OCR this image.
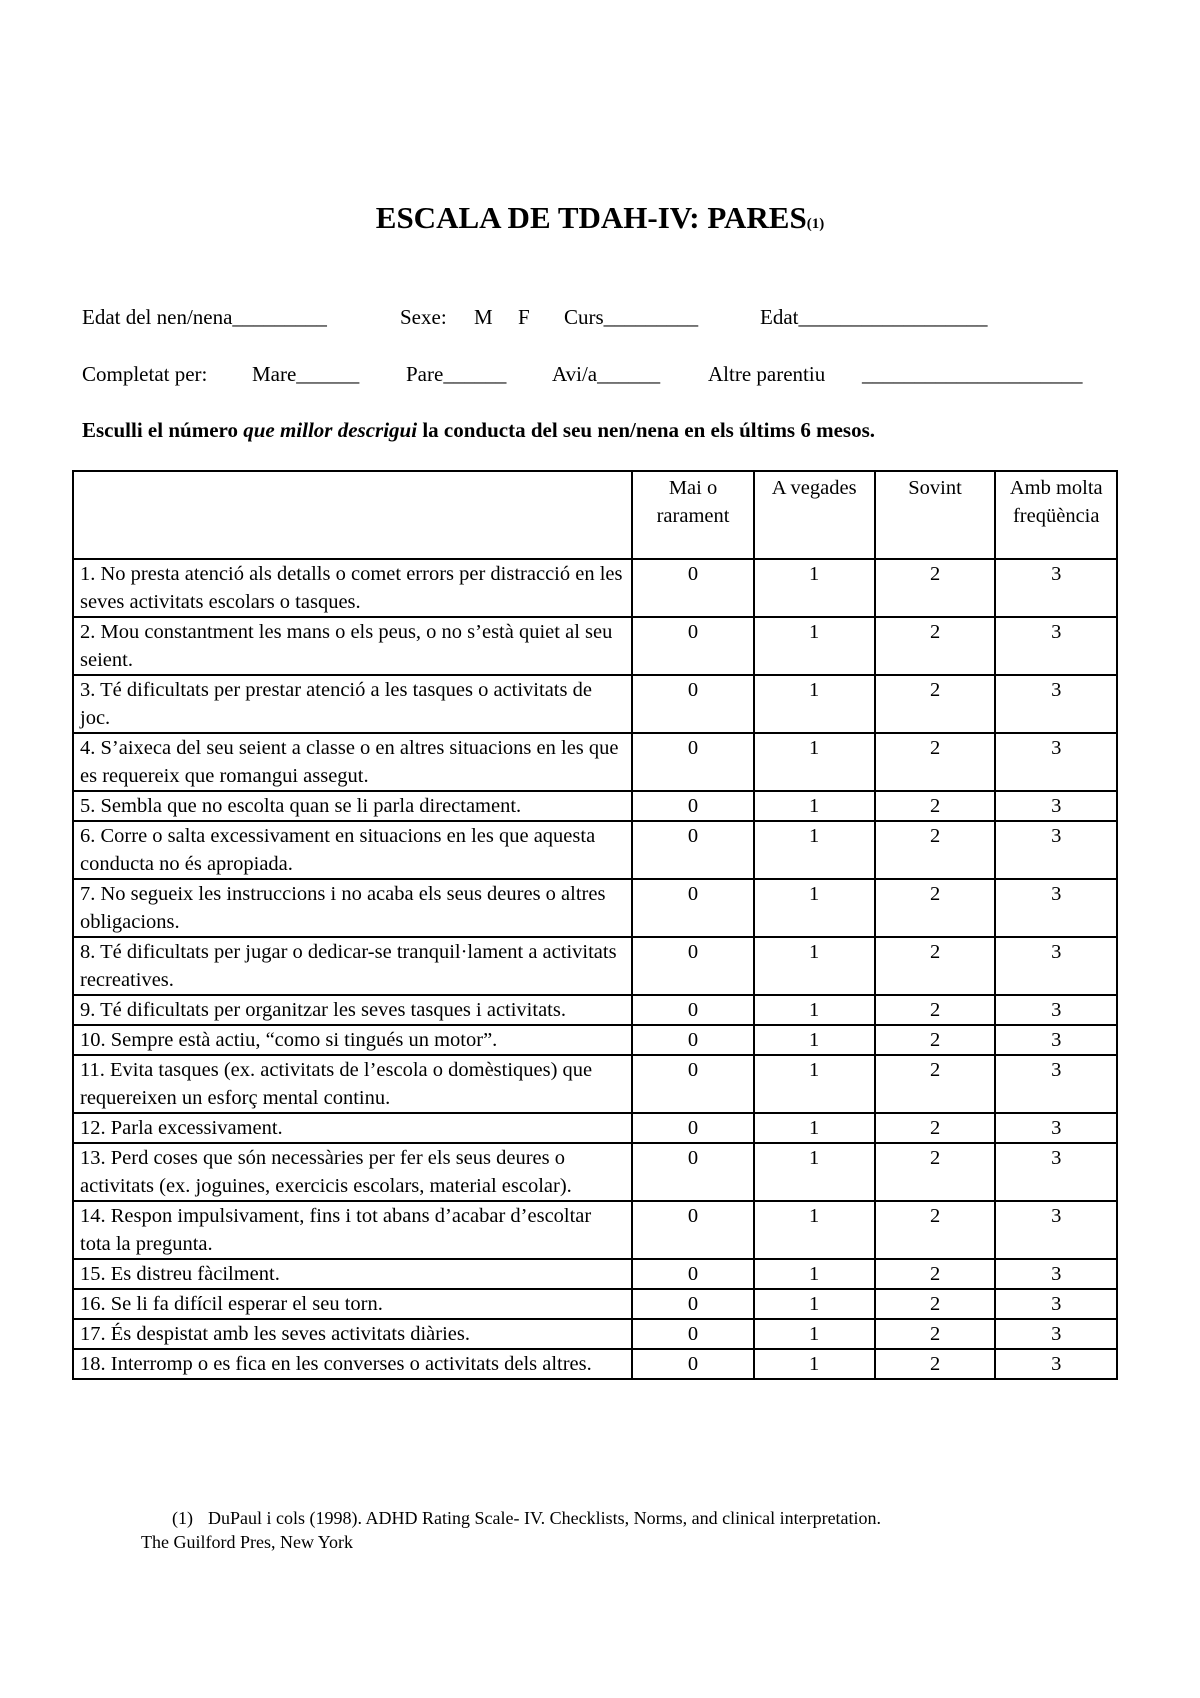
ESCALA DE TDAH-IV: PARES(1)
Edat del nen/nena_________	Sexe: M F Curs_________	Edat__________________
Completat per: Mare______ Pare______ Avi/a______ Altre parentiu _____________________
Esculli el número que millor descrigui la conducta del seu nen/nena en els últims 6 mesos.
	Mai o rarament	A vegades	Sovint	Amb molta freqüència
1. No presta atenció als detalls o comet errors per distracció en les seves activitats escolars o tasques.	0	1	2	3
2. Mou constantment les mans o els peus, o no s’està quiet al seu seient.	0	1	2	3
3. Té dificultats per prestar atenció a les tasques o activitats de joc.	0	1	2	3
4. S’aixeca del seu seient a classe o en altres situacions en les que es requereix que romangui assegut.	0	1	2	3
5. Sembla que no escolta quan se li parla directament.	0	1	2	3
6. Corre o salta excessivament en situacions en les que aquesta conducta no és apropiada.	0	1	2	3
7. No segueix les instruccions i no acaba els seus deures o altres obligacions.	0	1	2	3
8. Té dificultats per jugar o dedicar-se tranquil·lament a activitats recreatives.	0	1	2	3
9. Té dificultats per organitzar les seves tasques i activitats.	0	1	2	3
10. Sempre està actiu, “como si tingués un motor”.	0	1	2	3
11. Evita tasques (ex. activitats de l’escola o domèstiques) que requereixen un esforç mental continu.	0	1	2	3
12. Parla excessivament.	0	1	2	3
13. Perd coses que són necessàries per fer els seus deures o activitats (ex. joguines, exercicis escolars, material escolar).	0	1	2	3
14. Respon impulsivament, fins i tot abans d’acabar d’escoltar tota la pregunta.	0	1	2	3
15. Es distreu fàcilment.	0	1	2	3
16. Se li fa difícil esperar el seu torn.	0	1	2	3
17. És despistat amb les seves activitats diàries.	0	1	2	3
18. Interromp o es fica en les converses o activitats dels altres.	0	1	2	3
(1) DuPaul i cols (1998). ADHD Rating Scale- IV. Checklists, Norms, and clinical interpretation.
The Guilford Pres, New York
